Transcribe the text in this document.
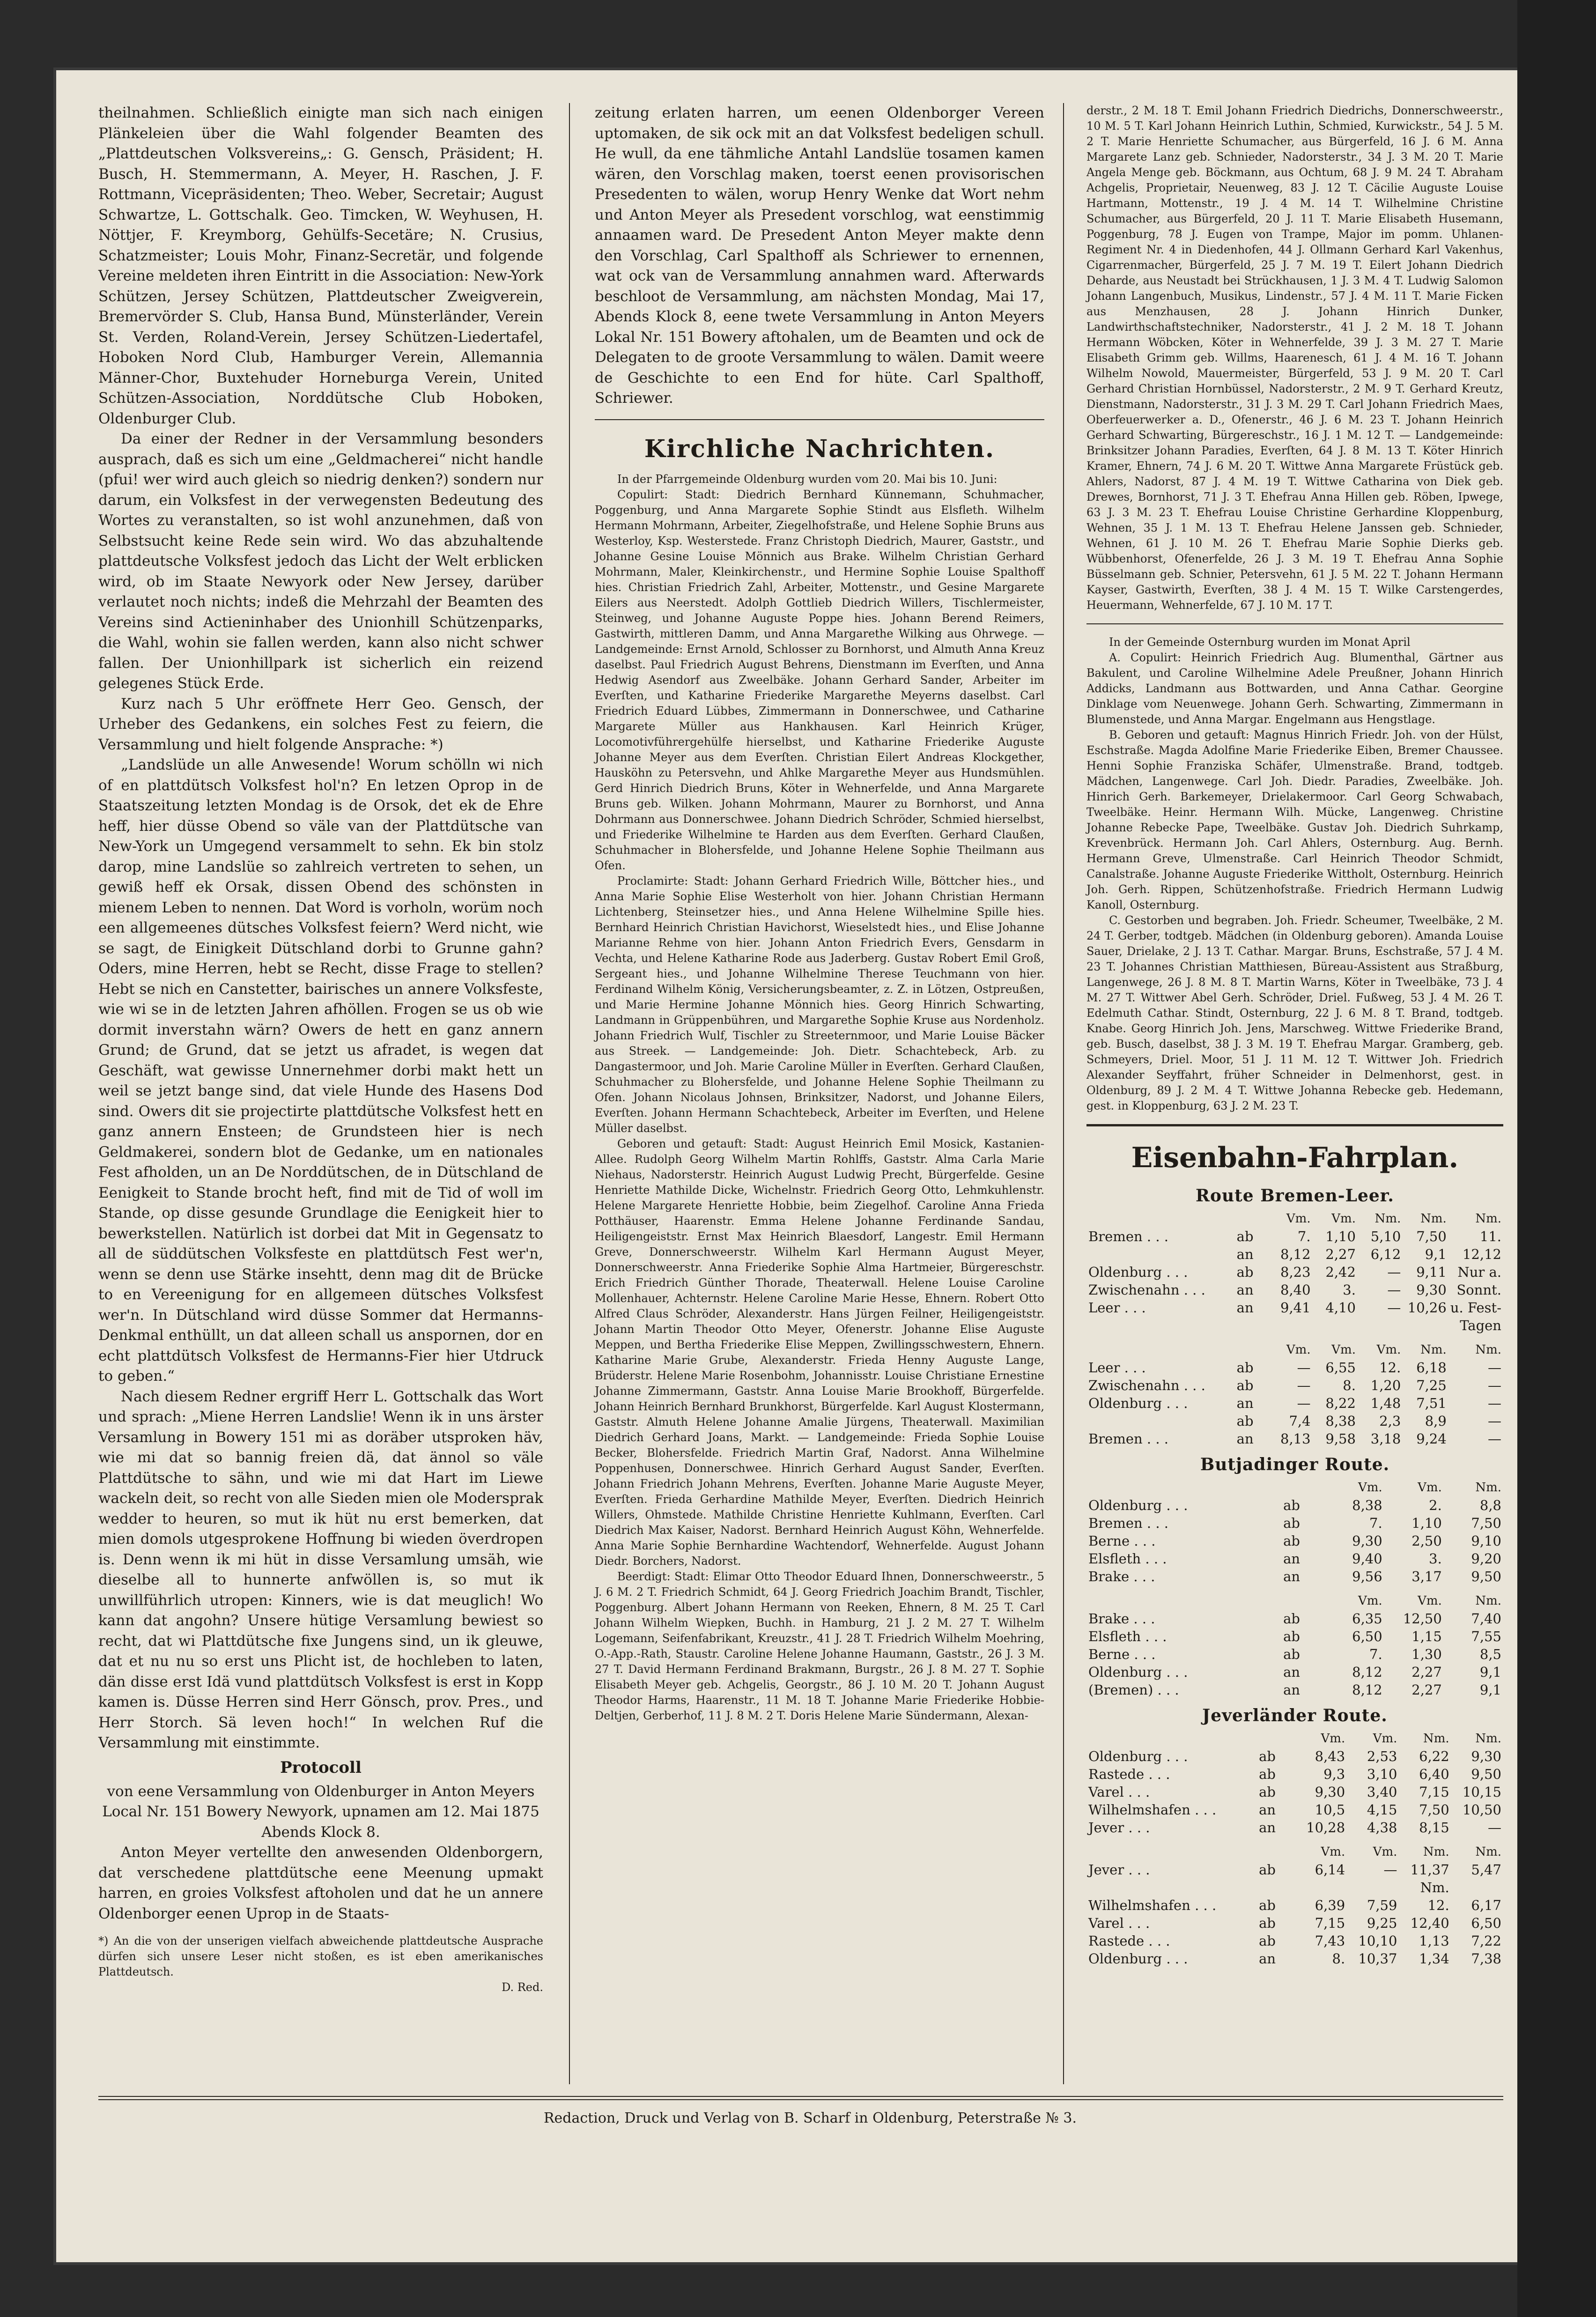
theilnahmen. Schließlich einigte man sich nach einigen Plänkeleien über die Wahl folgender Beamten des „Plattdeutschen Volksvereins„: G. Gensch, Präsident; H. Busch, H. Stemmermann, A. Meyer, H. Raschen, J. F. Rottmann, Vicepräsidenten; Theo. Weber, Secretair; August Schwartze, L. Gottschalk. Geo. Timcken, W. Weyhusen, H. Nöttjer, F. Kreymborg, Gehülfs-Secetäre; N. Crusius, Schatzmeister; Louis Mohr, Finanz-Secretär, und folgende Vereine meldeten ihren Eintritt in die Association: New-York Schützen, Jersey Schützen, Plattdeutscher Zweigverein, Bremervörder S. Club, Hansa Bund, Münsterländer, Verein St. Verden, Roland-Verein, Jersey Schützen-Liedertafel, Hoboken Nord Club, Hamburger Verein, Allemannia Männer-Chor, Buxtehuder Horneburga Verein, United Schützen-Association, Norddütsche Club Hoboken, Oldenburger Club.

Da einer der Redner in der Versammlung besonders ausprach, daß es sich um eine „Geldmacherei“ nicht handle (pfui! wer wird auch gleich so niedrig denken?) sondern nur darum, ein Volksfest in der verwegensten Bedeutung des Wortes zu veranstalten, so ist wohl anzunehmen, daß von Selbstsucht keine Rede sein wird. Wo das abzuhaltende plattdeutsche Volksfest jedoch das Licht der Welt erblicken wird, ob im Staate Newyork oder New Jersey, darüber verlautet noch nichts; indeß die Mehrzahl der Beamten des Vereins sind Actieninhaber des Unionhill Schützenparks, die Wahl, wohin sie fallen werden, kann also nicht schwer fallen. Der Unionhillpark ist sicherlich ein reizend gelegenes Stück Erde.

Kurz nach 5 Uhr eröffnete Herr Geo. Gensch, der Urheber des Gedankens, ein solches Fest zu feiern, die Versammlung und hielt folgende Ansprache: *)

„Landslüde un alle Anwesende! Worum schölln wi nich of en plattdütsch Volksfest hol'n? En letzen Oprop in de Staatszeitung letzten Mondag is de Orsok, det ek de Ehre heff, hier düsse Obend so väle van der Plattdütsche van New-York un Umgegend versammelt to sehn. Ek bin stolz darop, mine Landslüe so zahlreich vertreten to sehen, un gewiß heff ek Orsak, dissen Obend des schönsten in mienem Leben to nennen. Dat Word is vorholn, worüm noch een allgemeenes dütsches Volksfest feiern? Werd nicht, wie se sagt, de Einigkeit Dütschland dorbi to Grunne gahn? Oders, mine Herren, hebt se Recht, disse Frage to stellen? Hebt se nich en Canstetter, bairisches un annere Volksfeste, wie wi se in de letzten Jahren afhöllen. Frogen se us ob wie dormit inverstahn wärn? Owers de hett en ganz annern Grund; de Grund, dat se jetzt us afradet, is wegen dat Geschäft, wat gewisse Unnernehmer dorbi makt hett un weil se jetzt bange sind, dat viele Hunde des Hasens Dod sind. Owers dit sie projectirte plattdütsche Volksfest hett en ganz annern Ensteen; de Grundsteen hier is nech Geldmakerei, sondern blot de Gedanke, um en nationales Fest afholden, un an De Norddütschen, de in Dütschland de Eenigkeit to Stande brocht heft, find mit de Tid of woll im Stande, op disse gesunde Grundlage die Eenigkeit hier to bewerkstellen. Natürlich ist dorbei dat Mit in Gegensatz to all de süddütschen Volksfeste en plattdütsch Fest wer'n, wenn se denn use Stärke insehtt, denn mag dit de Brücke to en Vereenigung for en allgemeen dütsches Volksfest wer'n. In Dütschland wird düsse Sommer dat Hermanns-Denkmal enthüllt, un dat alleen schall us anspornen, dor en echt plattdütsch Volksfest de Hermanns-Fier hier Utdruck to geben.“

Nach diesem Redner ergriff Herr L. Gottschalk das Wort und sprach: „Miene Herren Landslie! Wenn ik in uns ärster Versamlung in Bowery 151 mi as doräber utsproken häv, wie mi dat so bannig freien dä, dat ännol so väle Plattdütsche to sähn, und wie mi dat Hart im Liewe wackeln deit, so recht von alle Sieden mien ole Modersprak wedder to heuren, so mut ik hüt nu erst bemerken, dat mien domols utgesprokene Hoffnung bi wieden överdropen is. Denn wenn ik mi hüt in disse Versamlung umsäh, wie dieselbe all to hunnerte anfwöllen is, so mut ik unwillführlich utropen: Kinners, wie is dat meuglich! Wo kann dat angohn? Unsere hütige Versamlung bewiest so recht, dat wi Plattdütsche fixe Jungens sind, un ik gleuwe, dat et nu nu so erst uns Plicht ist, de hochleben to laten, dän disse erst Idä vund plattdütsch Volksfest is erst in Kopp kamen is. Düsse Herren sind Herr Gönsch, prov. Pres., und Herr Storch. Sä leven hoch!“ In welchen Ruf die Versammlung mit einstimmte.

Protocoll

von eene Versammlung von Oldenburger in Anton Meyers Local Nr. 151 Bowery Newyork, upnamen am 12. Mai 1875 Abends Klock 8.

Anton Meyer vertellte den anwesenden Oldenborgern, dat verschedene plattdütsche eene Meenung upmakt harren, en groies Volksfest aftoholen und dat he un annere Oldenborger eenen Uprop in de Staats-

*) An die von der unserigen vielfach abweichende plattdeutsche Ausprache dürfen sich unsere Leser nicht stoßen, es ist eben amerikanisches Plattdeutsch.
D. Red.

zeitung erlaten harren, um eenen Oldenborger Vereen uptomaken, de sik ock mit an dat Volksfest bedeligen schull. He wull, da ene tähmliche Antahl Landslüe tosamen kamen wären, den Vorschlag maken, toerst eenen provisorischen Presedenten to wälen, worup Henry Wenke dat Wort nehm und Anton Meyer als Presedent vorschlog, wat eenstimmig annaamen ward. De Presedent Anton Meyer makte denn den Vorschlag, Carl Spalthoff als Schriewer to ernennen, wat ock van de Versammlung annahmen ward. Afterwards beschloot de Versammlung, am nächsten Mondag, Mai 17, Abends Klock 8, eene twete Versammlung in Anton Meyers Lokal Nr. 151 Bowery aftohalen, um de Beamten und ock de Delegaten to de groote Versammlung to wälen. Damit weere de Geschichte to een End for hüte. Carl Spalthoff, Schriewer.

Kirchliche Nachrichten.

In der Pfarrgemeinde Oldenburg wurden vom 20. Mai bis 10. Juni:

Copulirt: Stadt: Diedrich Bernhard Künnemann, Schuhmacher, Poggenburg, und Anna Margarete Sophie Stindt aus Elsfleth. Wilhelm Hermann Mohrmann, Arbeiter, Ziegelhofstraße, und Helene Sophie Bruns aus Westerloy, Ksp. Westerstede. Franz Christoph Diedrich, Maurer, Gaststr., und Johanne Gesine Louise Mönnich aus Brake. Wilhelm Christian Gerhard Mohrmann, Maler, Kleinkirchenstr., und Hermine Sophie Louise Spalthoff hies. Christian Friedrich Zahl, Arbeiter, Mottenstr., und Gesine Margarete Eilers aus Neerstedt. Adolph Gottlieb Diedrich Willers, Tischlermeister, Steinweg, und Johanne Auguste Poppe hies. Johann Berend Reimers, Gastwirth, mittleren Damm, und Anna Margarethe Wilking aus Ohrwege. — Landgemeinde: Ernst Arnold, Schlosser zu Bornhorst, und Almuth Anna Kreuz daselbst. Paul Friedrich August Behrens, Dienstmann im Everſten, und Anna Hedwig Asendorf aus Zweelbäke. Johann Gerhard Sander, Arbeiter im Everſten, und Katharine Friederike Margarethe Meyerns daselbst. Carl Friedrich Eduard Lübbes, Zimmermann in Donnerschwee, und Catharine Margarete Müller aus Hankhausen. Karl Heinrich Krüger, Locomotivführergehülfe hierselbst, und Katharine Friederike Auguste Johanne Meyer aus dem Everſten. Christian Eilert Andreas Klockgether, Hausköhn zu Petersvehn, und Ahlke Margarethe Meyer aus Hundsmühlen. Gerd Hinrich Diedrich Bruns, Köter in Wehnerfelde, und Anna Margarete Bruns geb. Wilken. Johann Mohrmann, Maurer zu Bornhorst, und Anna Dohrmann aus Donnerschwee. Johann Diedrich Schröder, Schmied hierselbst, und Friederike Wilhelmine te Harden aus dem Everſten. Gerhard Claußen, Schuhmacher in Blohersfelde, und Johanne Helene Sophie Theilmann aus Ofen.

Proclamirte: Stadt: Johann Gerhard Friedrich Wille, Böttcher hies., und Anna Marie Sophie Elise Westerholt von hier. Johann Christian Hermann Lichtenberg, Steinsetzer hies., und Anna Helene Wilhelmine Spille hies. Bernhard Heinrich Christian Havichorst, Wieselstedt hies., und Elise Johanne Marianne Rehme von hier. Johann Anton Friedrich Evers, Gensdarm in Vechta, und Helene Katharine Rode aus Jaderberg. Gustav Robert Emil Groß, Sergeant hies., und Johanne Wilhelmine Therese Teuchmann von hier. Ferdinand Wilhelm König, Versicherungsbeamter, z. Z. in Lötzen, Ostpreußen, und Marie Hermine Johanne Mönnich hies. Georg Hinrich Schwarting, Landmann in Grüppenbühren, und Margarethe Sophie Kruse aus Nordenholz. Johann Friedrich Wulf, Tischler zu Streeternmoor, und Marie Louise Bäcker aus Streek. — Landgemeinde: Joh. Dietr. Schachtebeck, Arb. zu Dangastermoor, und Joh. Marie Caroline Müller in Everſten. Gerhard Claußen, Schuhmacher zu Blohersfelde, und Johanne Helene Sophie Theilmann zu Ofen. Johann Nicolaus Johnsen, Brinksitzer, Nadorst, und Johanne Eilers, Everſten. Johann Hermann Schachtebeck, Arbeiter im Everſten, und Helene Müller daselbst.

Geboren und getauft: Stadt: August Heinrich Emil Mosick, Kastanien-Allee. Rudolph Georg Wilhelm Martin Rohlffs, Gaststr. Alma Carla Marie Niehaus, Nadorsterstr. Heinrich August Ludwig Precht, Bürgerfelde. Gesine Henriette Mathilde Dicke, Wichelnstr. Friedrich Georg Otto, Lehmkuhlenstr. Helene Margarete Henriette Hobbie, beim Ziegelhof. Caroline Anna Frieda Potthäuser, Haarenstr. Emma Helene Johanne Ferdinande Sandau, Heiligengeiststr. Ernst Max Heinrich Blaesdorf, Langestr. Emil Hermann Greve, Donnerschweerstr. Wilhelm Karl Hermann August Meyer, Donnerschweerstr. Anna Friederike Sophie Alma Hartmeier, Bürgereschstr. Erich Friedrich Günther Thorade, Theaterwall. Helene Louise Caroline Mollenhauer, Achternstr. Helene Caroline Marie Hesse, Ehnern. Robert Otto Alfred Claus Schröder, Alexanderstr. Hans Jürgen Feilner, Heiligengeiststr. Johann Martin Theodor Otto Meyer, Ofenerstr. Johanne Elise Auguste Meppen, und Bertha Friederike Elise Meppen, Zwillingsschwestern, Ehnern. Katharine Marie Grube, Alexanderstr. Frieda Henny Auguste Lange, Brüderstr. Helene Marie Rosenbohm, Johannisstr. Louise Christiane Ernestine Johanne Zimmermann, Gaststr. Anna Louise Marie Brookhoff, Bürgerfelde. Johann Heinrich Bernhard Brunkhorst, Bürgerfelde. Karl August Klostermann, Gaststr. Almuth Helene Johanne Amalie Jürgens, Theaterwall. Maximilian Diedrich Gerhard Joans, Markt. — Landgemeinde: Frieda Sophie Louise Becker, Blohersfelde. Friedrich Martin Graf, Nadorst. Anna Wilhelmine Poppenhusen, Donnerschwee. Hinrich Gerhard August Sander, Everſten. Johann Friedrich Johann Mehrens, Everſten. Johanne Marie Auguste Meyer, Everſten. Frieda Gerhardine Mathilde Meyer, Everſten. Diedrich Heinrich Willers, Ohmstede. Mathilde Christine Henriette Kuhlmann, Everſten. Carl Diedrich Max Kaiser, Nadorst. Bernhard Heinrich August Köhn, Wehnerfelde. Anna Marie Sophie Bernhardine Wachtendorf, Wehnerfelde. August Johann Diedr. Borchers, Nadorst.

Beerdigt: Stadt: Elimar Otto Theodor Eduard Ihnen, Donnerschweerstr., 5 J. 6 M. 2 T. Friedrich Schmidt, 64 J. Georg Friedrich Joachim Brandt, Tischler, Poggenburg. Albert Johann Hermann von Reeken, Ehnern, 8 M. 25 T. Carl Johann Wilhelm Wiepken, Buchh. in Hamburg, 21 J. 2 M. 27 T. Wilhelm Logemann, Seifenfabrikant, Kreuzstr., 41 J. 28 T. Friedrich Wilhelm Moehring, O.-App.-Rath, Staustr. Caroline Helene Johanne Haumann, Gaststr., 26 J. 3 M. 27 T. David Hermann Ferdinand Brakmann, Burgstr., 26 J. 8 M. 27 T. Sophie Elisabeth Meyer geb. Achgelis, Georgstr., 86 J. 10 M. 20 T. Johann August Theodor Harms, Haarenstr., 11 M. 18 T. Johanne Marie Friederike Hobbie-Deltjen, Gerberhof, 11 J. 8 M. 2 T. Doris Helene Marie Sündermann, Alexan-

derstr., 2 M. 18 T. Emil Johann Friedrich Diedrichs, Donnerschweerstr., 10 M. 5 T. Karl Johann Heinrich Luthin, Schmied, Kurwickstr., 54 J. 5 M. 2 T. Marie Henriette Schumacher, aus Bürgerfeld, 16 J. 6 M. Anna Margarete Lanz geb. Schnieder, Nadorsterstr., 34 J. 3 M. 20 T. Marie Angela Menge geb. Böckmann, aus Ochtum, 68 J. 9 M. 24 T. Abraham Achgelis, Proprietair, Neuenweg, 83 J. 12 T. Cäcilie Auguste Louise Hartmann, Mottenstr., 19 J. 4 M. 14 T. Wilhelmine Christine Schumacher, aus Bürgerfeld, 20 J. 11 T. Marie Elisabeth Husemann, Poggenburg, 78 J. Eugen von Trampe, Major im pomm. Uhlanen-Regiment Nr. 4 in Diedenhofen, 44 J. Ollmann Gerhard Karl Vakenhus, Cigarrenmacher, Bürgerfeld, 25 J. 7 M. 19 T. Eilert Johann Diedrich Deharde, aus Neustadt bei Strückhausen, 1 J. 3 M. 4 T. Ludwig Salomon Johann Langenbuch, Musikus, Lindenstr., 57 J. 4 M. 11 T. Marie Ficken aus Menzhausen, 28 J. Johann Hinrich Dunker, Landwirthschaftstechniker, Nadorsterstr., 41 J. 2 M. 18 T. Johann Hermann Wöbcken, Köter in Wehnerfelde, 39 J. 3 M. 27 T. Marie Elisabeth Grimm geb. Willms, Haarenesch, 61 J. 4 M. 16 T. Johann Wilhelm Nowold, Mauermeister, Bürgerfeld, 53 J. 9 M. 20 T. Carl Gerhard Christian Hornbüssel, Nadorsterstr., 2 M. 9 T. Gerhard Kreutz, Dienstmann, Nadorsterstr., 31 J. 3 M. 29 T. Carl Johann Friedrich Maes, Oberfeuerwerker a. D., Ofenerstr., 46 J. 6 M. 23 T. Johann Heinrich Gerhard Schwarting, Bürgereschstr., 16 J. 1 M. 12 T. — Landgemeinde: Brinksitzer Johann Paradies, Everſten, 64 J. 8 M. 13 T. Köter Hinrich Kramer, Ehnern, 74 J. 6 M. 20 T. Wittwe Anna Margarete Früstück geb. Ahlers, Nadorst, 87 J. 4 M. 19 T. Wittwe Catharina von Diek geb. Drewes, Bornhorst, 71 J. 3 T. Ehefrau Anna Hillen geb. Röben, Ipwege, 63 J. 3 M. 23 T. Ehefrau Louise Christine Gerhardine Kloppenburg, Wehnen, 35 J. 1 M. 13 T. Ehefrau Helene Janssen geb. Schnieder, Wehnen, 61 J. 10 M. 26 T. Ehefrau Marie Sophie Dierks geb. Wübbenhorst, Ofenerfelde, 26 J. 3 M. 19 T. Ehefrau Anna Sophie Büsselmann geb. Schnier, Petersvehn, 61 J. 5 M. 22 T. Johann Hermann Kayser, Gastwirth, Everſten, 38 J. 4 M. 15 T. Wilke Carstengerdes, Heuermann, Wehnerfelde, 67 J. 10 M. 17 T.

In der Gemeinde Osternburg wurden im Monat April

A. Copulirt: Heinrich Friedrich Aug. Blumenthal, Gärtner aus Bakulent, und Caroline Wilhelmine Adele Preußner, Johann Hinrich Addicks, Landmann aus Bottwarden, und Anna Cathar. Georgine Dinklage vom Neuenwege. Johann Gerh. Schwarting, Zimmermann in Blumenstede, und Anna Margar. Engelmann aus Hengstlage.

B. Geboren und getauft: Magnus Hinrich Friedr. Joh. von der Hülst, Eschstraße. Magda Adolfine Marie Friederike Eiben, Bremer Chaussee. Henni Sophie Franziska Schäfer, Ulmenstraße. Brand, todtgeb. Mädchen, Langenwege. Carl Joh. Diedr. Paradies, Zweelbäke. Joh. Hinrich Gerh. Barkemeyer, Drielakermoor. Carl Georg Schwabach, Tweelbäke. Heinr. Hermann Wilh. Mücke, Langenweg. Christine Johanne Rebecke Pape, Tweelbäke. Gustav Joh. Diedrich Suhrkamp, Krevenbrück. Hermann Joh. Carl Ahlers, Osternburg. Aug. Bernh. Hermann Greve, Ulmenstraße. Carl Heinrich Theodor Schmidt, Canalstraße. Johanne Auguste Friederike Wittholt, Osternburg. Heinrich Joh. Gerh. Rippen, Schützenhofstraße. Friedrich Hermann Ludwig Kanoll, Osternburg.

C. Gestorben und begraben. Joh. Friedr. Scheumer, Tweelbäke, 2 M. 24 T. Gerber, todtgeb. Mädchen (in Oldenburg geboren). Amanda Louise Sauer, Drielake, 2 J. 13 T. Cathar. Margar. Bruns, Eschstraße, 57 J. 4 M. 23 T. Johannes Christian Matthiesen, Büreau-Assistent aus Straßburg, Langenwege, 26 J. 8 M. 8 T. Martin Warns, Köter in Tweelbäke, 73 J. 4 M. 27 T. Wittwer Abel Gerh. Schröder, Driel. Fußweg, 53 J. 4 M. 26 T. Edelmuth Cathar. Stindt, Osternburg, 22 J. 6 M. 8 T. Brand, todtgeb. Knabe. Georg Hinrich Joh. Jens, Marschweg. Wittwe Friederike Brand, geb. Busch, daselbst, 38 J. 3 M. 19 T. Ehefrau Margar. Gramberg, geb. Schmeyers, Driel. Moor, 51 J. 11 M. 12 T. Wittwer Joh. Friedrich Alexander Seyffahrt, früher Schneider in Delmenhorst, gest. in Oldenburg, 89 J. 2 M. 4 T. Wittwe Johanna Rebecke geb. Hedemann, gest. in Kloppenburg, 63 J. 2 M. 23 T.

Eisenbahn-Fahrplan.
Route Bremen-Leer.
		Vm.	Vm.	Nm.	Nm.	Nm.
Bremen . . .	ab	7.	1,10	5,10	7,50	11.
	an	8,12	2,27	6,12	9,1	12,12
Oldenburg . . .	ab	8,23	2,42	—	9,11	Nur a.
Zwischenahn . . .	an	8,40	3.	—	9,30	Sonnt.
Leer . . .	an	9,41	4,10	—	10,26	u. Fest-
						Tagen

		Vm.	Vm.	Vm.	Nm.	Nm.
Leer . . .	ab	—	6,55	12.	6,18	—
Zwischenahn . . .	ab	—	8.	1,20	7,25	—
Oldenburg . . .	an	—	8,22	1,48	7,51	—
	ab	7,4	8,38	2,3	8,9	—
Bremen . . .	an	8,13	9,58	3,18	9,24	—
Butjadinger Route.
		Vm.	Vm.	Nm.
Oldenburg . . .	ab	8,38	2.	8,8
Bremen . . .	ab	7.	1,10	7,50
Berne . . .	ab	9,30	2,50	9,10
Elsfleth . . .	an	9,40	3.	9,20
Brake . . .	an	9,56	3,17	9,50

		Vm.	Vm.	Nm.
Brake . . .	ab	6,35	12,50	7,40
Elsfleth . . .	ab	6,50	1,15	7,55
Berne . . .	ab	7.	1,30	8,5
Oldenburg . . .	an	8,12	2,27	9,1
(Bremen) . . .	an	8,12	2,27	9,1
Jeverländer Route.
		Vm.	Vm.	Nm.	Nm.
Oldenburg . . .	ab	8,43	2,53	6,22	9,30
Rastede . . .	ab	9,3	3,10	6,40	9,50
Varel . . .	ab	9,30	3,40	7,15	10,15
Wilhelmshafen . . .	an	10,5	4,15	7,50	10,50
Jever . . .	an	10,28	4,38	8,15	—

		Vm.	Vm.	Nm.	Nm.
Jever . . .	ab	6,14	—	11,37	5,47
				Nm.	
Wilhelmshafen . . .	ab	6,39	7,59	12.	6,17
Varel . . .	ab	7,15	9,25	12,40	6,50
Rastede . . .	ab	7,43	10,10	1,13	7,22
Oldenburg . . .	an	8.	10,37	1,34	7,38
Redaction, Druck und Verlag von B. Scharf in Oldenburg, Peterstraße № 3.
